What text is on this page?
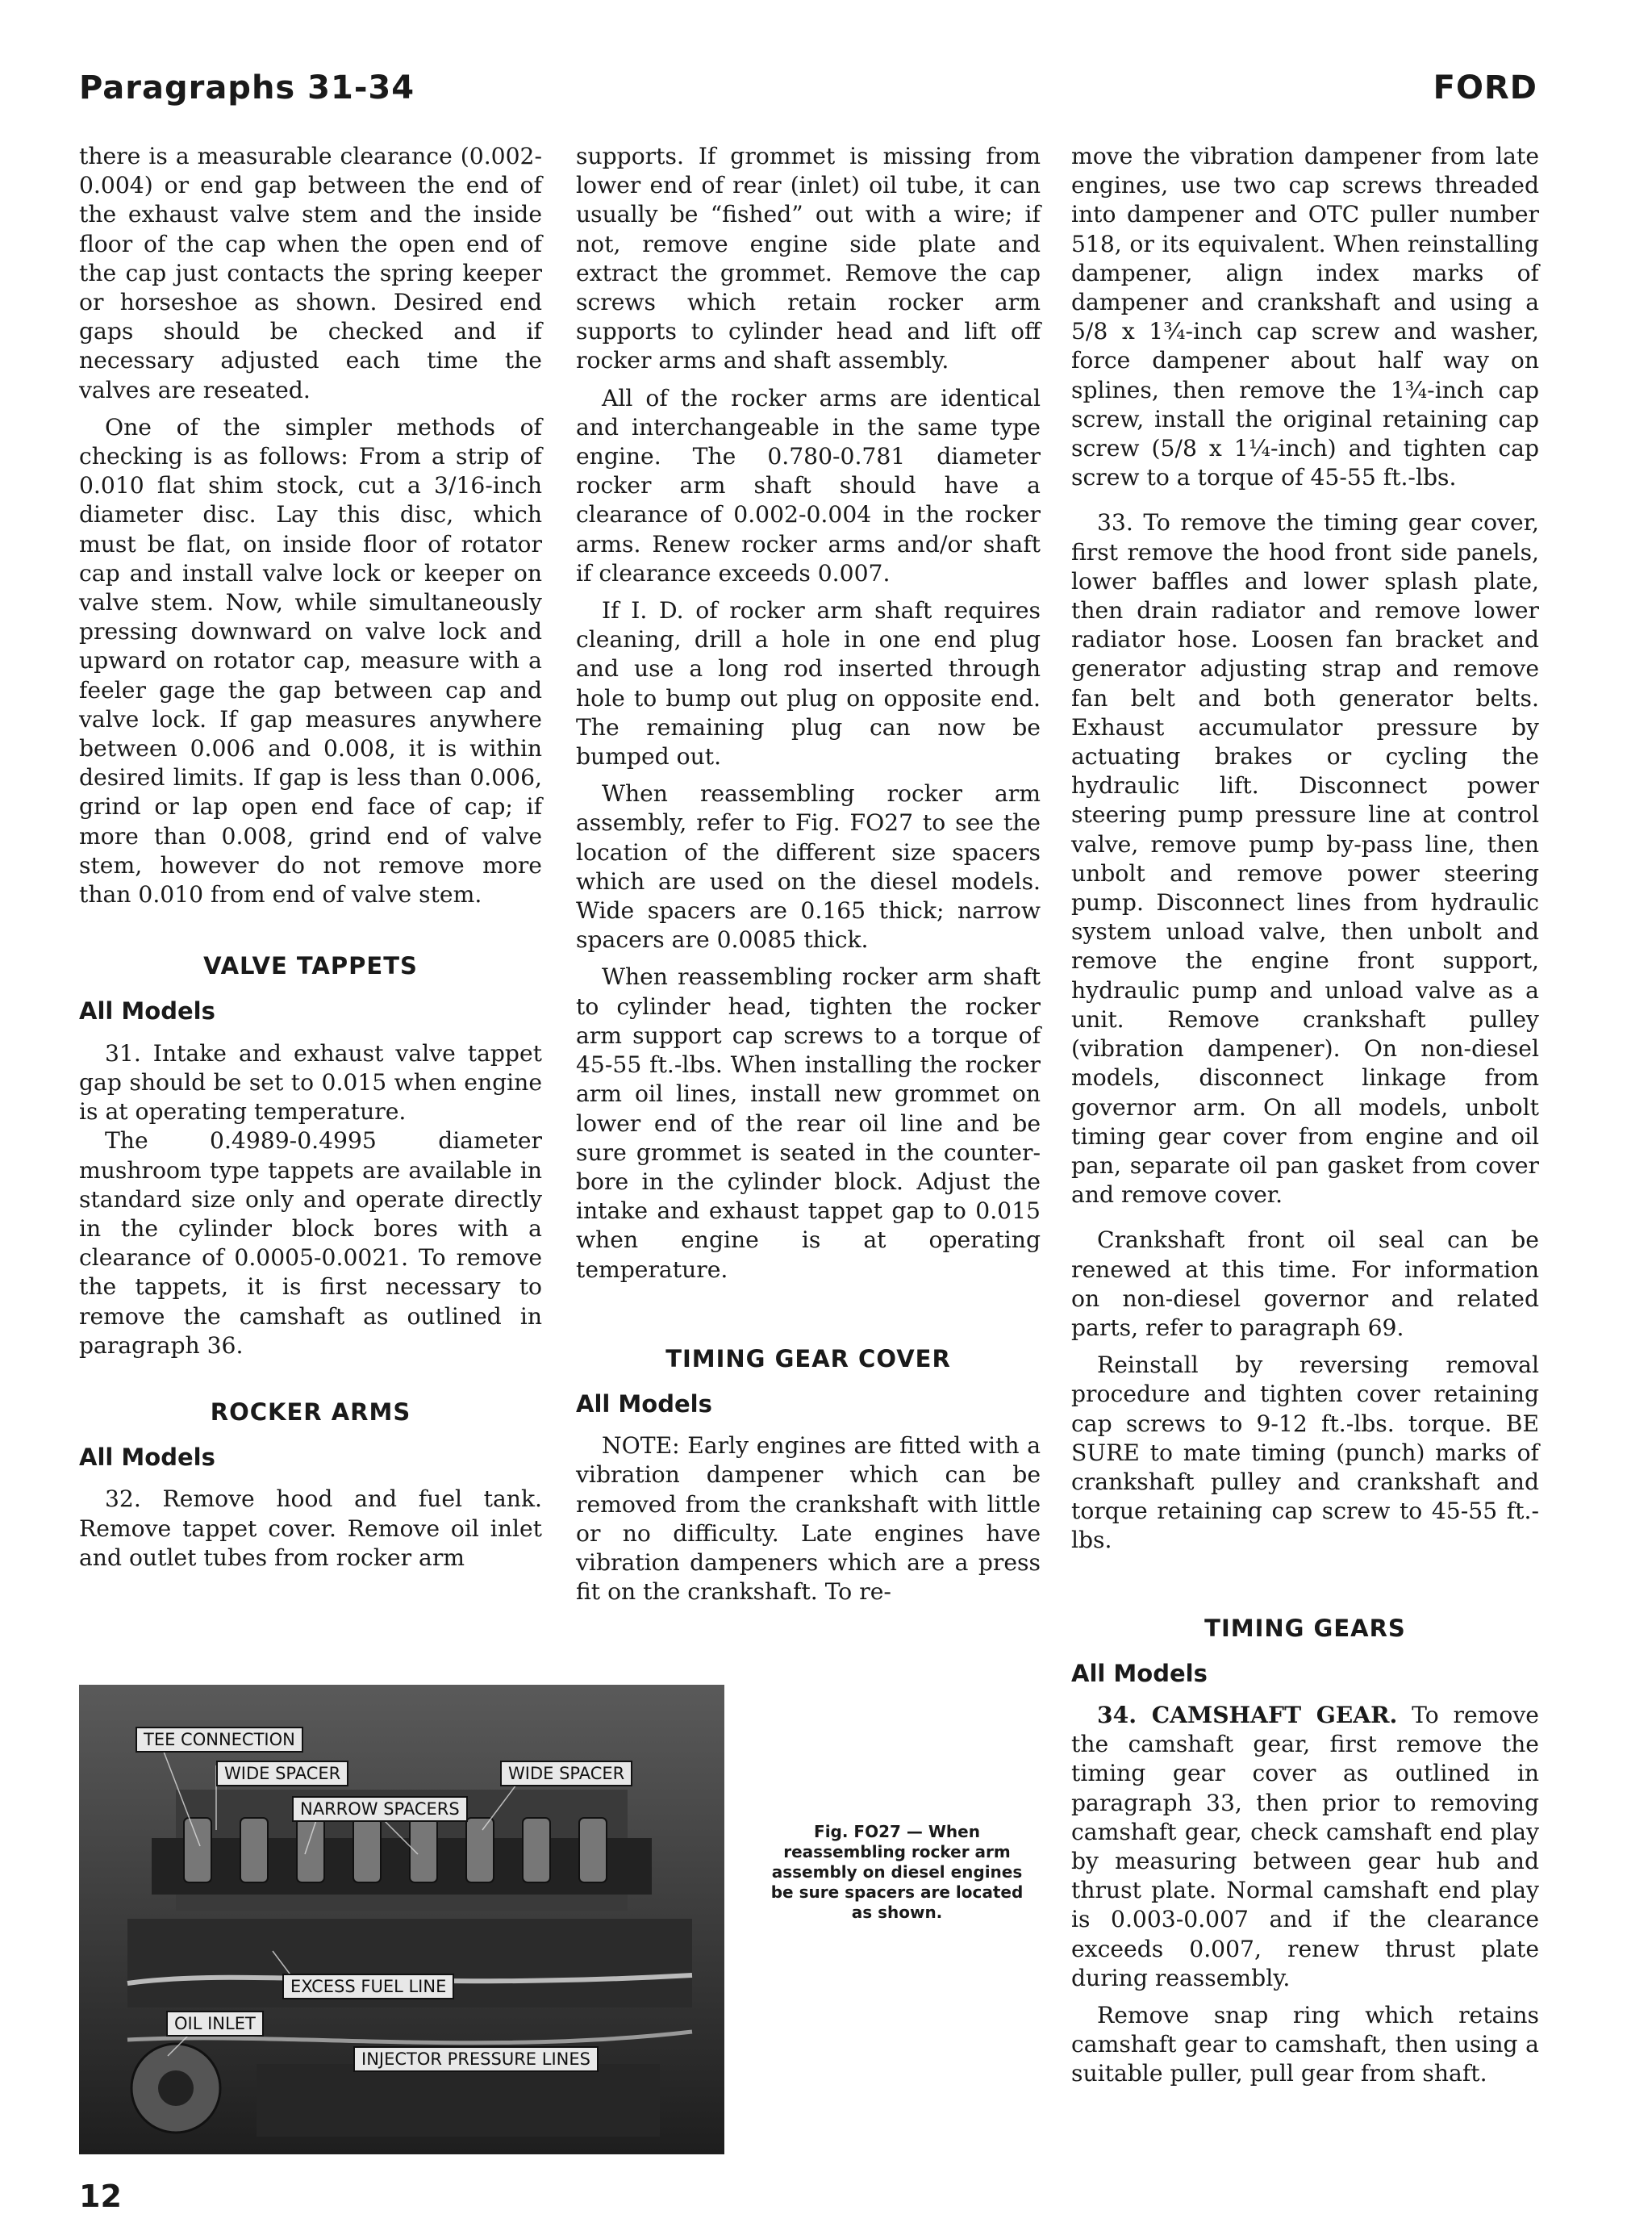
Paragraphs 31-34	FORD

there is a measurable clearance (0.002-0.004) or end gap between the end of the exhaust valve stem and the inside floor of the cap when the open end of the cap just contacts the spring keeper or horseshoe as shown. Desired end gaps should be checked and if necessary adjusted each time the valves are reseated.

One of the simpler methods of checking is as follows: From a strip of 0.010 flat shim stock, cut a 3/16-inch diameter disc. Lay this disc, which must be flat, on inside floor of rotator cap and install valve lock or keeper on valve stem. Now, while simultaneously pressing downward on valve lock and upward on rotator cap, measure with a feeler gage the gap between cap and valve lock. If gap measures anywhere between 0.006 and 0.008, it is within desired limits. If gap is less than 0.006, grind or lap open end face of cap; if more than 0.008, grind end of valve stem, however do not remove more than 0.010 from end of valve stem.

VALVE TAPPETS
All Models

31. Intake and exhaust valve tappet gap should be set to 0.015 when engine is at operating temperature.

The 0.4989-0.4995 diameter mushroom type tappets are available in standard size only and operate directly in the cylinder block bores with a clearance of 0.0005-0.0021. To remove the tappets, it is first necessary to remove the camshaft as outlined in paragraph 36.

ROCKER ARMS
All Models

32. Remove hood and fuel tank. Remove tappet cover. Remove oil inlet and outlet tubes from rocker arm

supports. If grommet is missing from lower end of rear (inlet) oil tube, it can usually be “fished” out with a wire; if not, remove engine side plate and extract the grommet. Remove the cap screws which retain rocker arm supports to cylinder head and lift off rocker arms and shaft assembly.

All of the rocker arms are identical and interchangeable in the same type engine. The 0.780-0.781 diameter rocker arm shaft should have a clearance of 0.002-0.004 in the rocker arms. Renew rocker arms and/or shaft if clearance exceeds 0.007.

If I. D. of rocker arm shaft requires cleaning, drill a hole in one end plug and use a long rod inserted through hole to bump out plug on opposite end. The remaining plug can now be bumped out.

When reassembling rocker arm assembly, refer to Fig. FO27 to see the location of the different size spacers which are used on the diesel models. Wide spacers are 0.165 thick; narrow spacers are 0.0085 thick.

When reassembling rocker arm shaft to cylinder head, tighten the rocker arm support cap screws to a torque of 45-55 ft.-lbs. When installing the rocker arm oil lines, install new grommet on lower end of the rear oil line and be sure grommet is seated in the counter-bore in the cylinder block. Adjust the intake and exhaust tappet gap to 0.015 when engine is at operating temperature.

TIMING GEAR COVER
All Models

NOTE: Early engines are fitted with a vibration dampener which can be removed from the crankshaft with little or no difficulty. Late engines have vibration dampeners which are a press fit on the crankshaft. To re-

move the vibration dampener from late engines, use two cap screws threaded into dampener and OTC puller number 518, or its equivalent. When reinstalling dampener, align index marks of dampener and crankshaft and using a 5/8 x 1¾-inch cap screw and washer, force dampener about half way on splines, then remove the 1¾-inch cap screw, install the original retaining cap screw (5/8 x 1¼-inch) and tighten cap screw to a torque of 45-55 ft.-lbs.

33. To remove the timing gear cover, first remove the hood front side panels, lower baffles and lower splash plate, then drain radiator and remove lower radiator hose. Loosen fan bracket and generator adjusting strap and remove fan belt and both generator belts. Exhaust accumulator pressure by actuating brakes or cycling the hydraulic lift. Disconnect power steering pump pressure line at control valve, remove pump by-pass line, then unbolt and remove power steering pump. Disconnect lines from hydraulic system unload valve, then unbolt and remove the engine front support, hydraulic pump and unload valve as a unit. Remove crankshaft pulley (vibration dampener). On non-diesel models, disconnect linkage from governor arm. On all models, unbolt timing gear cover from engine and oil pan, separate oil pan gasket from cover and remove cover.

Crankshaft front oil seal can be renewed at this time. For information on non-diesel governor and related parts, refer to paragraph 69.

Reinstall by reversing removal procedure and tighten cover retaining cap screws to 9-12 ft.-lbs. torque. BE SURE to mate timing (punch) marks of crankshaft pulley and crankshaft and torque retaining cap screw to 45-55 ft.-lbs.

TIMING GEARS
All Models

34. CAMSHAFT GEAR. To remove the camshaft gear, first remove the timing gear cover as outlined in paragraph 33, then prior to removing camshaft gear, check camshaft end play by measuring between gear hub and thrust plate. Normal camshaft end play is 0.003-0.007 and if the clearance exceeds 0.007, renew thrust plate during reassembly.

Remove snap ring which retains camshaft gear to camshaft, then using a suitable puller, pull gear from shaft.

TEE CONNECTION
WIDE SPACER	WIDE SPACER
NARROW SPACERS
EXCESS FUEL LINE
OIL INLET
INJECTOR PRESSURE LINES
Fig. FO27 — When reassembling rocker arm assembly on diesel engines be sure spacers are located as shown.
12
